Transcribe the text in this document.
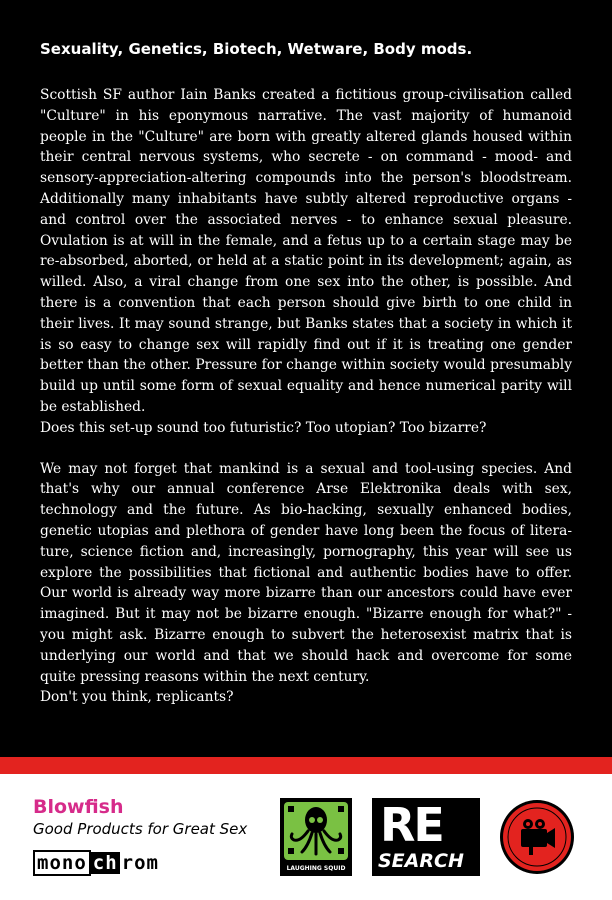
Sexuality, Genetics, Biotech, Wetware, Body mods.

Scottish SF author Iain Banks created a fictitious group-civilisation called "Culture" in his eponymous narrative. The vast majority of humanoid people in the "Culture" are born with greatly altered glands housed within their central nervous systems, who secrete - on command - mood- and sensory-appreciation-altering compounds into the person's bloodstream. Additionally many inhabitants have subtly altered reproductive organs - and control over the associated nerves - to enhance sexual pleasure. Ovulation is at will in the female, and a fetus up to a certain stage may be re-absorbed, aborted, or held at a static point in its development; again, as willed. Also, a viral change from one sex into the other, is possible. And there is a convention that each person should give birth to one child in their lives. It may sound strange, but Banks states that a society in which it is so easy to change sex will rapidly find out if it is treating one gender better than the other. Pressure for change within society would presumably build up until some form of sexual equality and hence numerical parity will be established.
Does this set-up sound too futuristic? Too utopian? Too bizarre?

We may not forget that mankind is a sexual and tool-using species. And that's why our annual conference Arse Elektronika deals with sex, technology and the future. As bio-hacking, sexually enhanced bodies, genetic utopias and plethora of gender have long been the focus of litera-ture, science fiction and, increasingly, pornography, this year will see us explore the possibilities that fictional and authentic bodies have to offer. Our world is already way more bizarre than our ancestors could have ever imagined. But it may not be bizarre enough. "Bizarre enough for what?" - you might ask. Bizarre enough to subvert the heterosexist matrix that is underlying our world and that we should hack and overcome for some quite pressing reasons within the next century.
Don't you think, replicants?

Blowfish
Good Products for Great Sex
mono ch rom	LAUGHING SQUID
RE
SEARCH
